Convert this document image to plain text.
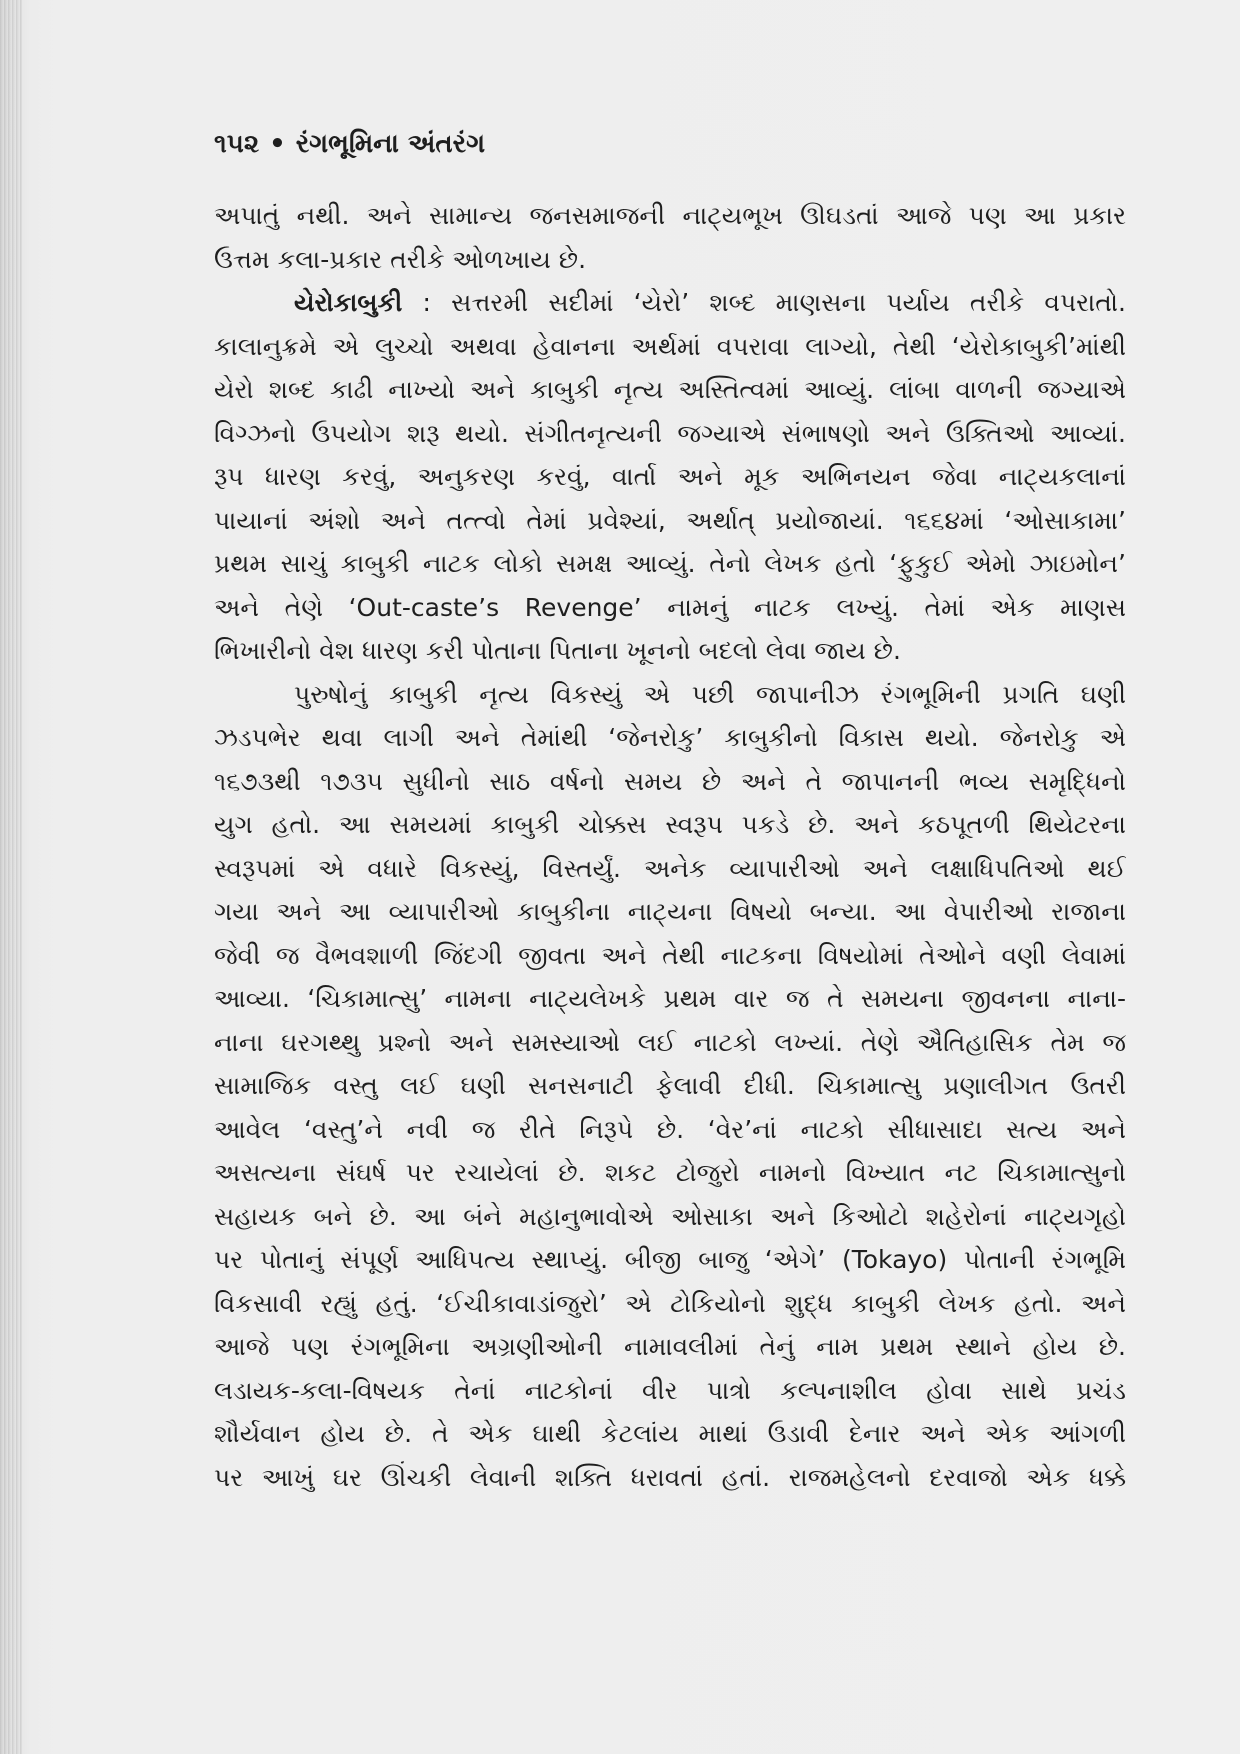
૧૫૨ • રંગભૂમિના અંતરંગ
અપાતું નથી. અને સામાન્ય જનસમાજની નાટ્યભૂખ ઊઘડતાં આજે પણ આ પ્રકાર
ઉત્તમ કલા-પ્રકાર તરીકે ઓળખાય છે.
યેરોકાબુકી : સત્તરમી સદીમાં ‘યેરો’ શબ્દ માણસના પર્યાય તરીકે વપરાતો.
કાલાનુક્રમે એ લુચ્ચો અથવા હેવાનના અર્થમાં વપરાવા લાગ્યો, તેથી ‘યેરોકાબુકી’માંથી
યેરો શબ્દ કાઢી નાખ્યો અને કાબુકી નૃત્ય અસ્તિત્વમાં આવ્યું. લાંબા વાળની જગ્યાએ
વિગ્ઝનો ઉપયોગ શરૂ થયો. સંગીતનૃત્યની જગ્યાએ સંભાષણો અને ઉક્તિઓ આવ્યાં.
રૂપ ધારણ કરવું, અનુકરણ કરવું, વાર્તા અને મૂક અભિનયન જેવા નાટ્યકલાનાં
પાયાનાં અંશો અને તત્ત્વો તેમાં પ્રવેશ્યાં, અર્થાત્ પ્રયોજાયાં. ૧૬૬૪માં ‘ઓસાકામા’
પ્રથમ સાચું કાબુકી નાટક લોકો સમક્ષ આવ્યું. તેનો લેખક હતો ‘ફુકુઈ એમો ઝાઇમોન’
અને તેણે ‘Out-caste’s Revenge’ નામનું નાટક લખ્યું. તેમાં એક માણસ
ભિખારીનો વેશ ધારણ કરી પોતાના પિતાના ખૂનનો બદલો લેવા જાય છે.
પુરુષોનું કાબુકી નૃત્ય વિકસ્યું એ પછી જાપાનીઝ રંગભૂમિની પ્રગતિ ઘણી
ઝડપભેર થવા લાગી અને તેમાંથી ‘જેનરોકુ’ કાબુકીનો વિકાસ થયો. જેનરોકુ એ
૧૬૭૩થી ૧૭૩૫ સુધીનો સાઠ વર્ષનો સમય છે અને તે જાપાનની ભવ્ય સમૃદ્ધિનો
યુગ હતો. આ સમયમાં કાબુકી ચોક્કસ સ્વરૂપ પકડે છે. અને કઠપૂતળી થિયેટરના
સ્વરૂપમાં એ વધારે વિકસ્યું, વિસ્તર્યું. અનેક વ્યાપારીઓ અને લક્ષાધિપતિઓ થઈ
ગયા અને આ વ્યાપારીઓ કાબુકીના નાટ્યના વિષયો બન્યા. આ વેપારીઓ રાજાના
જેવી જ વૈભવશાળી જિંદગી જીવતા અને તેથી નાટકના વિષયોમાં તેઓને વણી લેવામાં
આવ્યા. ‘ચિકામાત્સુ’ નામના નાટ્યલેખકે પ્રથમ વાર જ તે સમયના જીવનના નાના-
નાના ઘરગથ્થુ પ્રશ્નો અને સમસ્યાઓ લઈ નાટકો લખ્યાં. તેણે ઐતિહાસિક તેમ જ
સામાજિક વસ્તુ લઈ ઘણી સનસનાટી ફેલાવી દીધી. ચિકામાત્સુ પ્રણાલીગત ઉતરી
આવેલ ‘વસ્તુ’ને નવી જ રીતે નિરૂપે છે. ‘વેર’નાં નાટકો સીધાસાદા સત્ય અને
અસત્યના સંઘર્ષ પર રચાયેલાં છે. શકટ ટોજુરો નામનો વિખ્યાત નટ ચિકામાત્સુનો
સહાયક બને છે. આ બંને મહાનુભાવોએ ઓસાકા અને કિઓટો શહેરોનાં નાટ્યગૃહો
પર પોતાનું સંપૂર્ણ આધિપત્ય સ્થાપ્યું. બીજી બાજુ ‘એગે’ (Tokayo) પોતાની રંગભૂમિ
વિકસાવી રહ્યું હતું. ‘ઈચીકાવાડાંજુરો’ એ ટોકિયોનો શુદ્ધ કાબુકી લેખક હતો. અને
આજે પણ રંગભૂમિના અગ્રણીઓની નામાવલીમાં તેનું નામ પ્રથમ સ્થાને હોય છે.
લડાયક-કલા-વિષયક તેનાં નાટકોનાં વીર પાત્રો કલ્પનાશીલ હોવા સાથે પ્રચંડ
શૌર્યવાન હોય છે. તે એક ઘાથી કેટલાંય માથાં ઉડાવી દેનાર અને એક આંગળી
પર આખું ઘર ઊંચકી લેવાની શક્તિ ધરાવતાં હતાં. રાજમહેલનો દરવાજો એક ધક્કે
